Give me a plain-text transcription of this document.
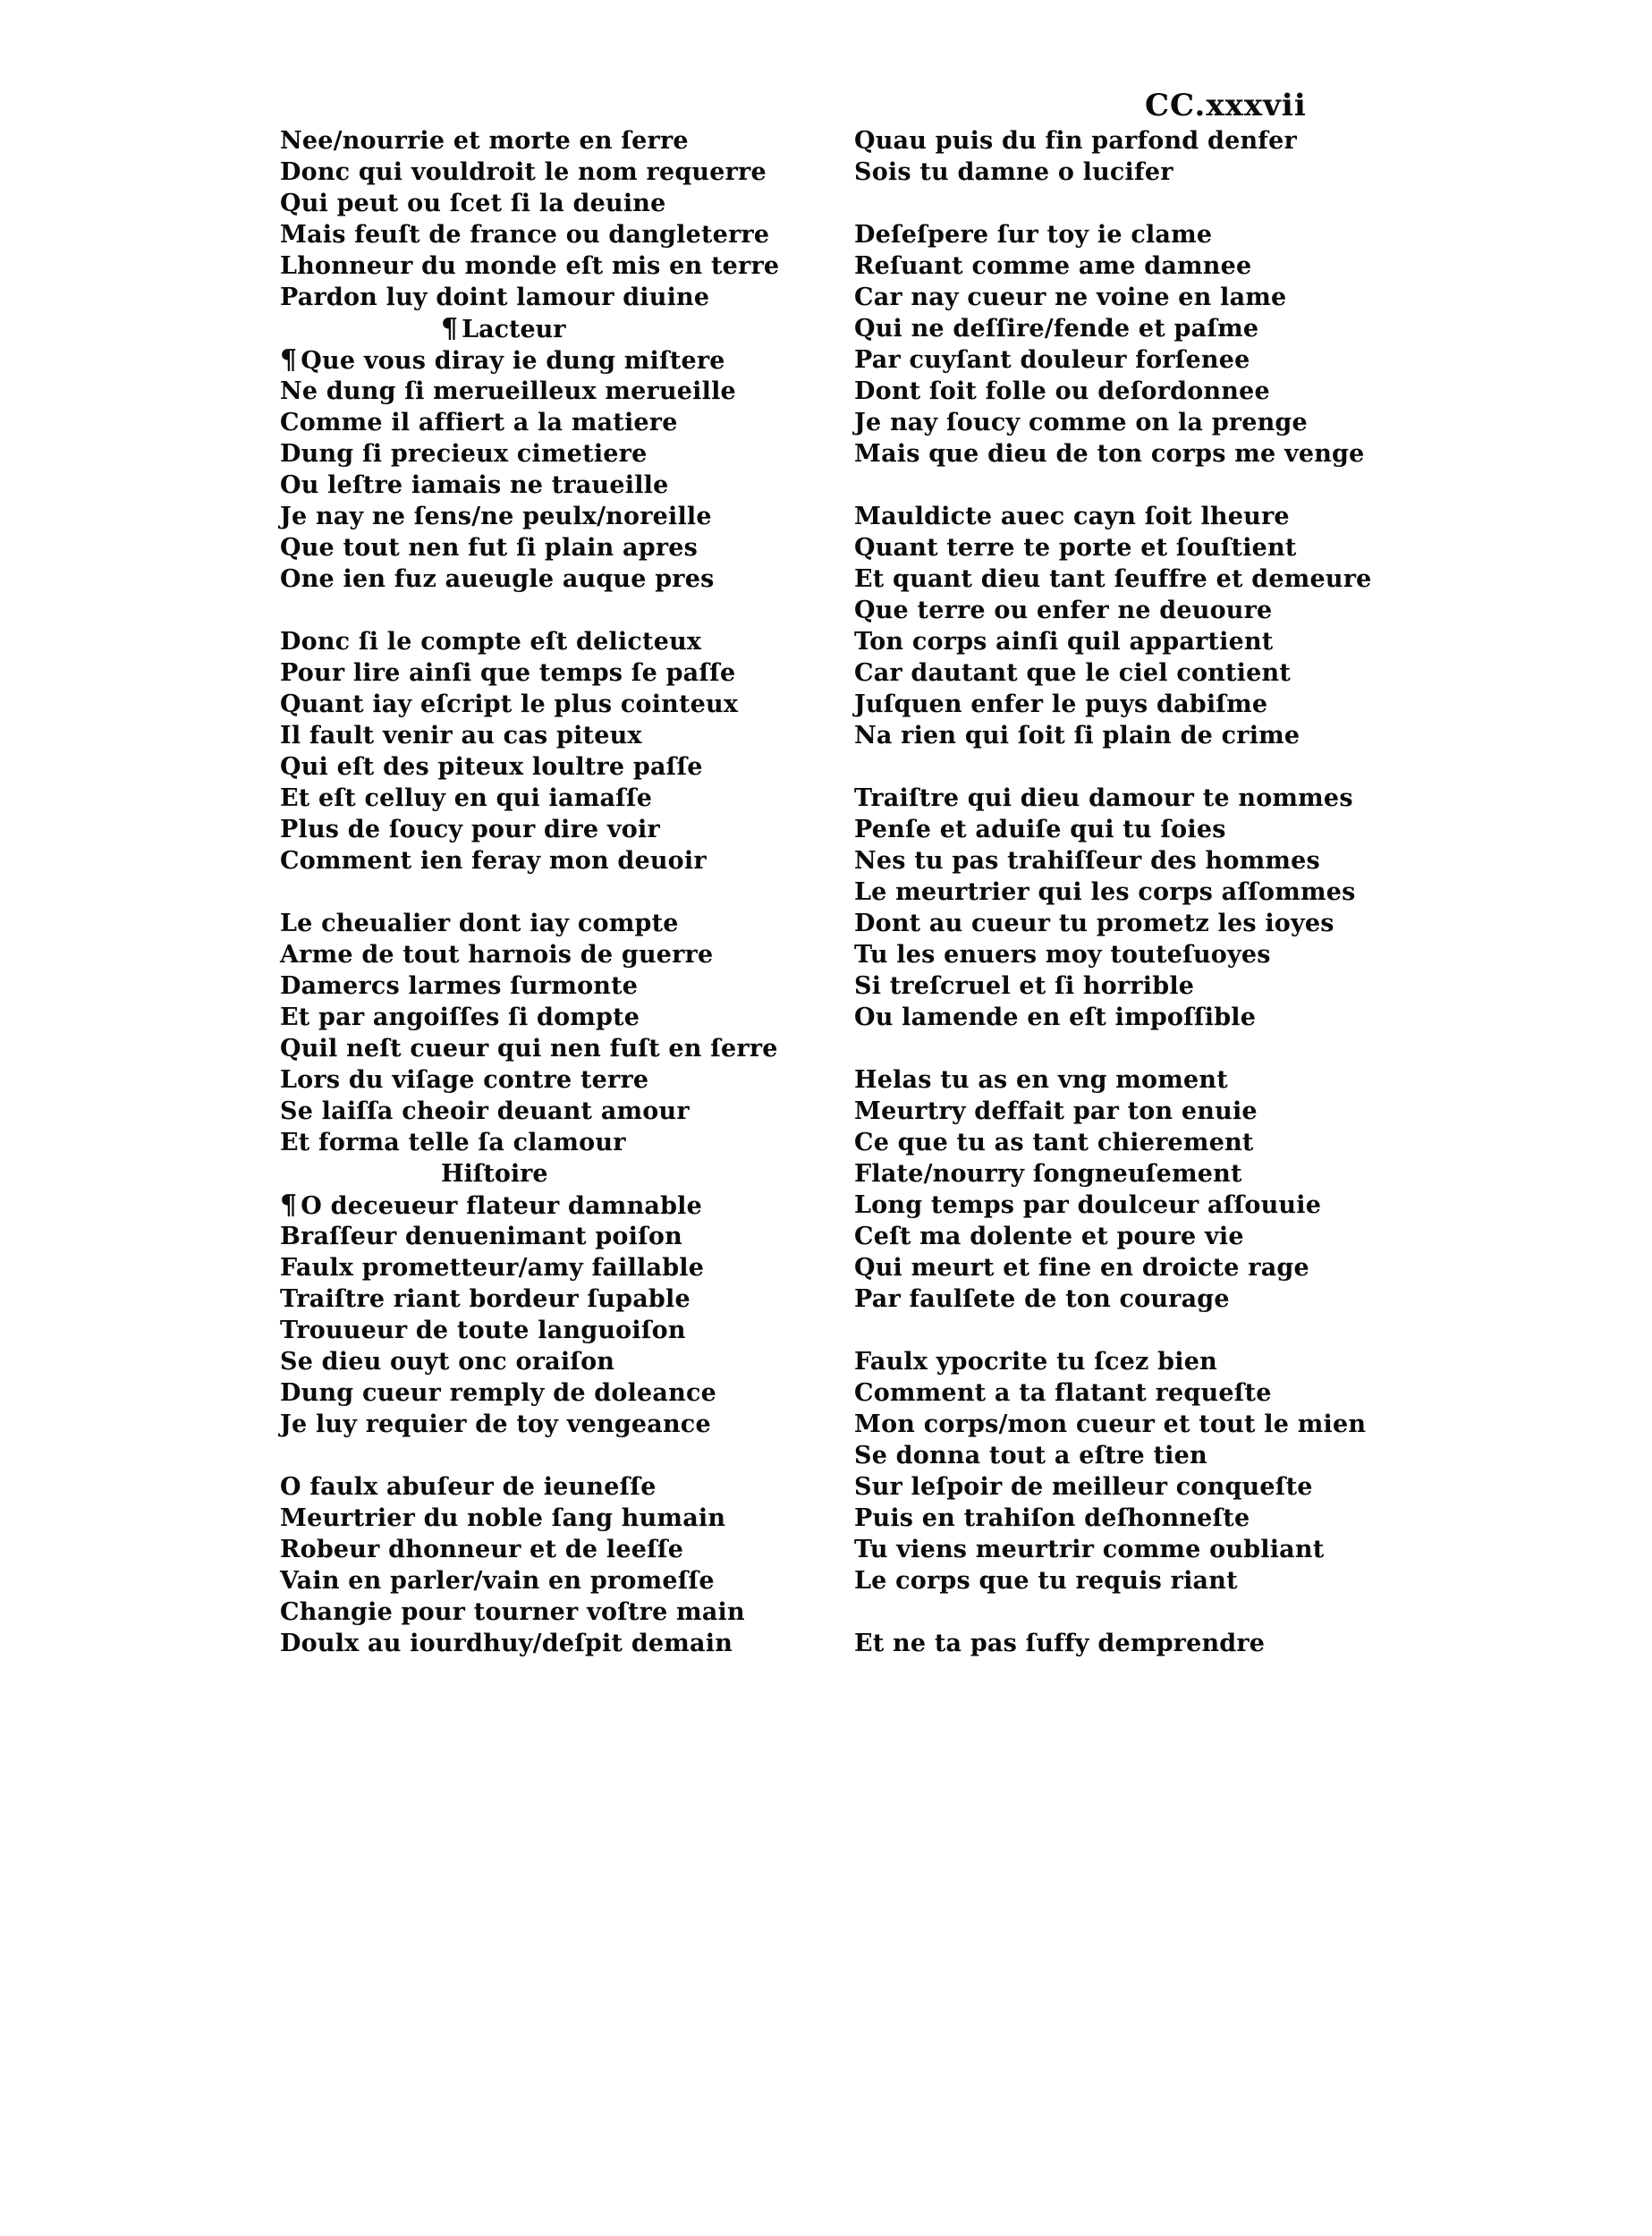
CC.xxxvii
Nee/nourrie et morte en ſerre
Donc qui vouldroit le nom requerre
Qui peut ou ſcet ſi la deuine
Mais feuſt de france ou dangleterre
Lhonneur du monde eſt mis en terre
Pardon luy doint lamour diuine
¶ Lacteur
¶ Que vous diray ie dung miſtere
Ne dung ſi merueilleux merueille
Comme il affiert a la matiere
Dung ſi precieux cimetiere
Ou leſtre iamais ne traueille
Je nay ne ſens/ne peulx/noreille
Que tout nen fut ſi plain apres
One ien fuz aueugle auque pres
Donc ſi le compte eſt delicteux
Pour lire ainſi que temps ſe paſſe
Quant iay eſcript le plus cointeux
Il fault venir au cas piteux
Qui eſt des piteux loultre paſſe
Et eſt celluy en qui iamaſſe
Plus de ſoucy pour dire voir
Comment ien feray mon deuoir
Le cheualier dont iay compte
Arme de tout harnois de guerre
Damercs larmes ſurmonte
Et par angoiſſes ſi dompte
Quil neſt cueur qui nen fuſt en ſerre
Lors du viſage contre terre
Se laiſſa cheoir deuant amour
Et forma telle ſa clamour
Hiſtoire
¶ O deceueur flateur damnable
Braſſeur denuenimant poiſon
Faulx prometteur/amy faillable
Traiſtre riant bordeur ſupable
Trouueur de toute languoiſon
Se dieu ouyt onc oraiſon
Dung cueur remply de doleance
Je luy requier de toy vengeance
O faulx abuſeur de ieuneſſe
Meurtrier du noble ſang humain
Robeur dhonneur et de leeſſe
Vain en parler/vain en promeſſe
Changie pour tourner voſtre main
Doulx au iourdhuy/deſpit demain
Quau puis du fin parfond denfer
Sois tu damne o lucifer
Deſeſpere ſur toy ie clame
Reſuant comme ame damnee
Car nay cueur ne voine en lame
Qui ne deſſire/fende et paſme
Par cuyſant douleur forſenee
Dont ſoit folle ou deſordonnee
Je nay ſoucy comme on la prenge
Mais que dieu de ton corps me venge
Mauldicte auec cayn ſoit lheure
Quant terre te porte et ſouſtient
Et quant dieu tant ſeuffre et demeure
Que terre ou enfer ne deuoure
Ton corps ainſi quil appartient
Car dautant que le ciel contient
Juſquen enfer le puys dabiſme
Na rien qui ſoit ſi plain de crime
Traiſtre qui dieu damour te nommes
Penſe et aduiſe qui tu ſoies
Nes tu pas trahiſſeur des hommes
Le meurtrier qui les corps aſſommes
Dont au cueur tu prometz les ioyes
Tu les enuers moy touteſuoyes
Si treſcruel et ſi horrible
Ou lamende en eſt impoſſible
Helas tu as en vng moment
Meurtry deffait par ton enuie
Ce que tu as tant chierement
Flate/nourry ſongneuſement
Long temps par doulceur aſſouuie
Ceſt ma dolente et poure vie
Qui meurt et fine en droicte rage
Par faulſete de ton courage
Faulx ypocrite tu ſcez bien
Comment a ta flatant requeſte
Mon corps/mon cueur et tout le mien
Se donna tout a eſtre tien
Sur leſpoir de meilleur conqueſte
Puis en trahiſon deſhonneſte
Tu viens meurtrir comme oubliant
Le corps que tu requis riant
Et ne ta pas ſuffy demprendre
